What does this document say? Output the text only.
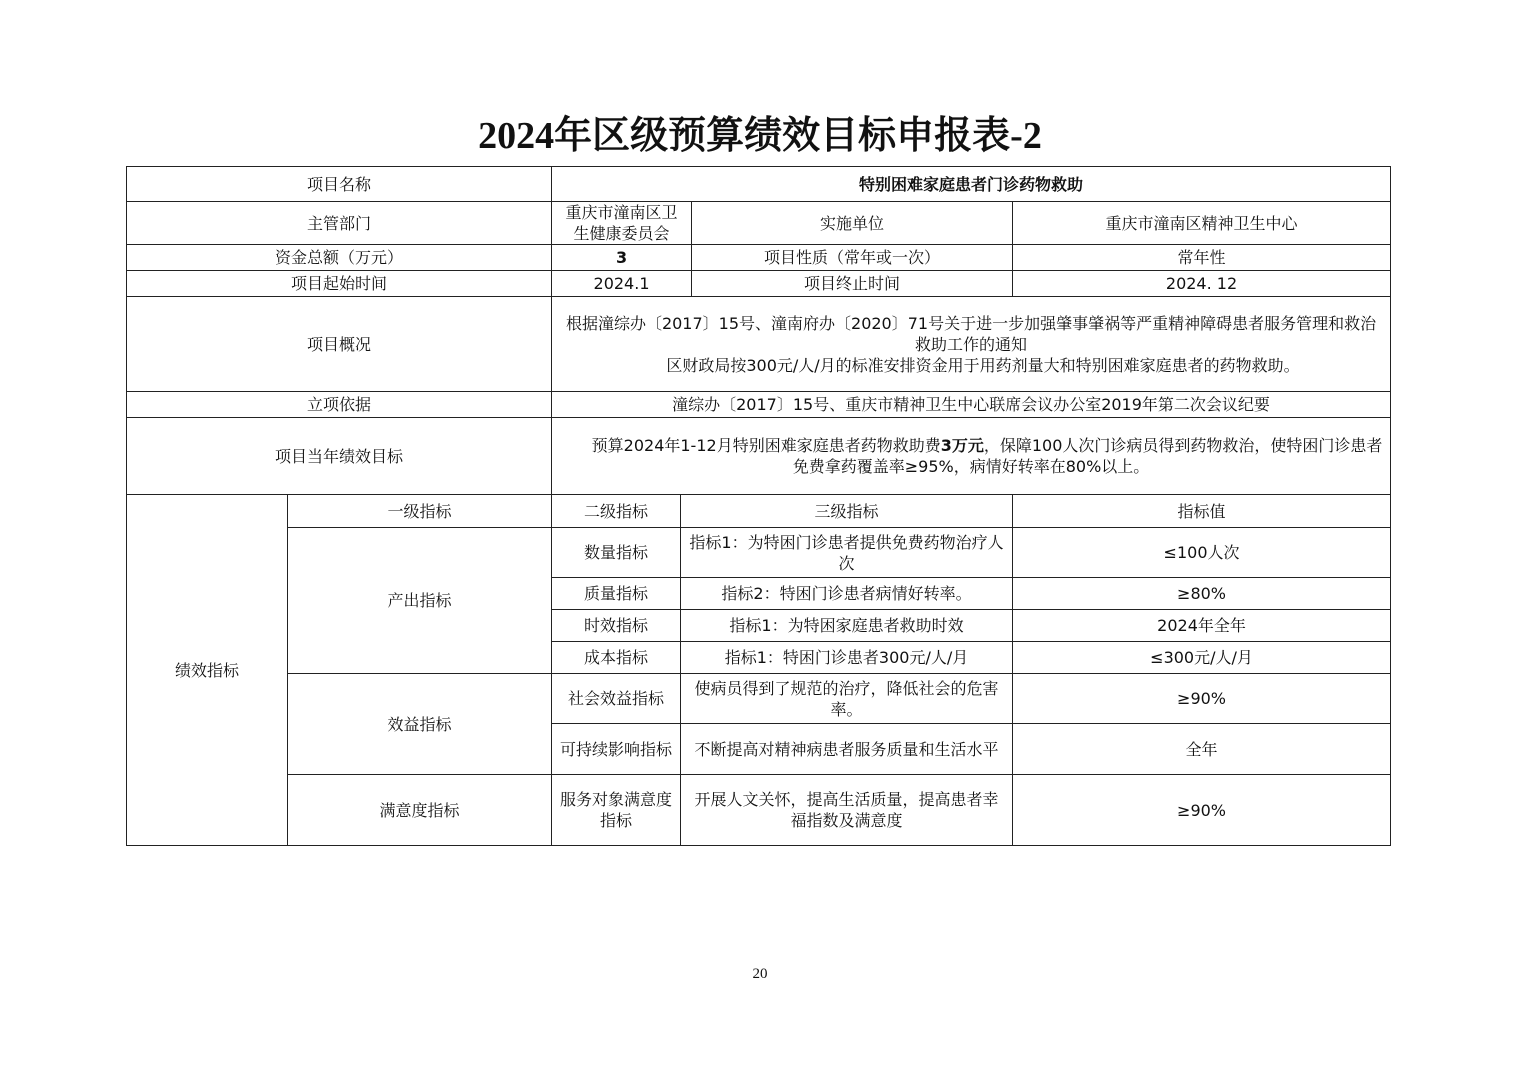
2024年区级预算绩效目标申报表-2
项目名称		特别困难家庭患者门诊药物救助			
主管部门		重庆市潼南区卫生健康委员会		实施单位	重庆市潼南区精神卫生中心
资金总额（万元）		3		项目性质（常年或一次）	常年性
项目起始时间		2024.1		项目终止时间	2024. 12
项目概况		根据潼综办〔2017〕15号、潼南府办〔2020〕71号关于进一步加强肇事肇祸等严重精神障碍患者服务管理和救治救助工作的通知

区财政局按300元/人/月的标准安排资金用于用药剂量大和特别困难家庭患者的药物救助。			

立项依据		潼综办〔2017〕15号、重庆市精神卫生中心联席会议办公室2019年第二次会议纪要			
项目当年绩效目标		预算2024年1-12月特别困难家庭患者药物救助费3万元，保障100人次门诊病员得到药物救治，使特困门诊患者免费拿药覆盖率≥95%，病情好转率在80%以上。			

绩效指标	一级指标	二级指标	三级指标		指标值
	产出指标	数量指标	指标1：为特困门诊患者提供免费药物治疗人次		≤100人次
		质量指标	指标2：特困门诊患者病情好转率。		≥80%
		时效指标	指标1：为特困家庭患者救助时效		2024年全年
		成本指标	指标1：特困门诊患者300元/人/月		≤300元/人/月
	效益指标	社会效益指标	使病员得到了规范的治疗，降低社会的危害率。		≥90%
		可持续影响指标	不断提高对精神病患者服务质量和生活水平		全年
	满意度指标	服务对象满意度指标	开展人文关怀，提高生活质量，提高患者幸福指数及满意度		≥90%
20
